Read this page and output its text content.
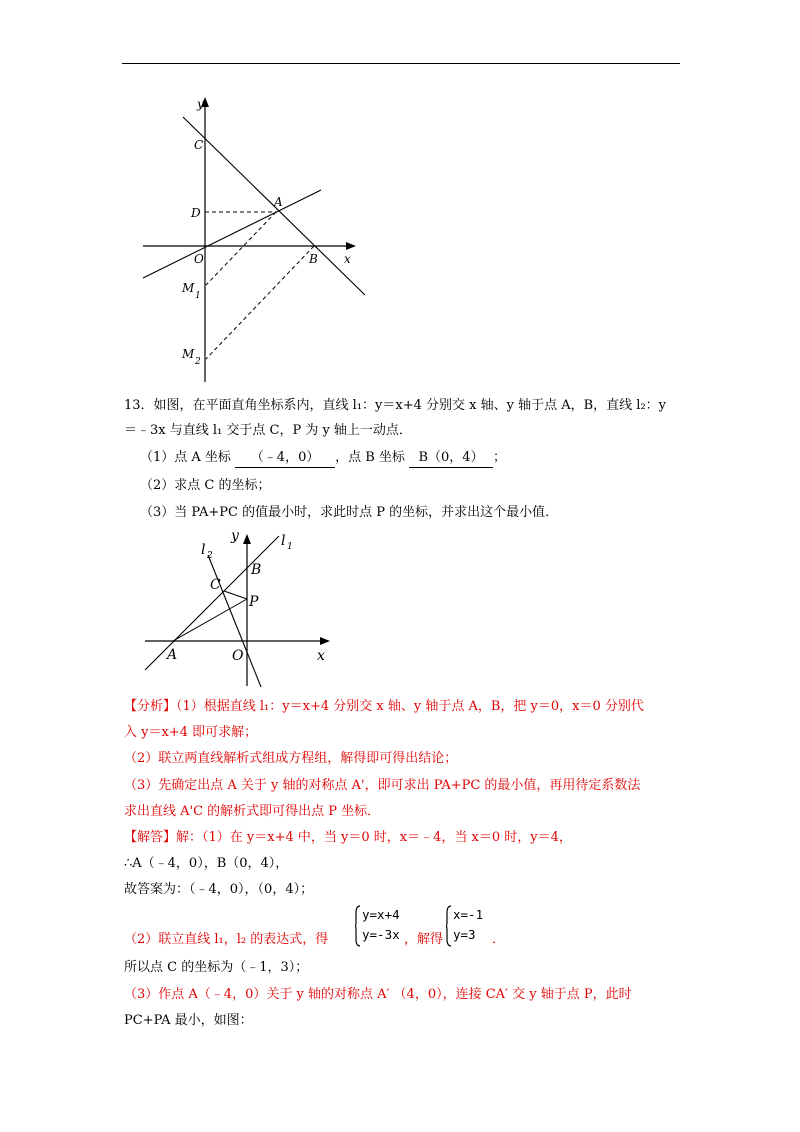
y
C
D
A
O	B x
M
1
M
2
13．如图，在平面直角坐标系内，直线 l₁：y＝x+4 分别交 x 轴、y 轴于点 A，B，直线 l₂：y
＝﹣3x 与直线 l₁ 交于点 C，P 为 y 轴上一动点．
（1）点 A 坐标 （﹣4，0） ，点 B 坐标 B（0，4） ；
（2）求点 C 的坐标；
（3）当 PA+PC 的值最小时，求此时点 P 的坐标，并求出这个最小值．
y	l 1
l 2
C
B
P
A	O	x
【分析】（1）根据直线 l₁：y＝x+4 分别交 x 轴、y 轴于点 A，B，把 y＝0，x＝0 分别代
入 y＝x+4 即可求解；
（2）联立两直线解析式组成方程组，解得即可得出结论；
（3）先确定出点 A 关于 y 轴的对称点 A'，即可求出 PA+PC 的最小值，再用待定系数法
求出直线 A'C 的解析式即可得出点 P 坐标．
【解答】解：（1）在 y＝x+4 中，当 y＝0 时，x＝﹣4，当 x＝0 时，y＝4，
∴A（﹣4，0），B（0，4），
故答案为：（﹣4，0），（0，4）；
（2）联立直线 l₁，l₂ 的表达式，得
y=x+4
y=-3x ，解得
x=-1
y=3	．
所以点 C 的坐标为（﹣1，3）；
（3）作点 A（﹣4，0）关于 y 轴的对称点 A′ （4，0），连接 CA′ 交 y 轴于点 P，此时
PC+PA 最小，如图：
